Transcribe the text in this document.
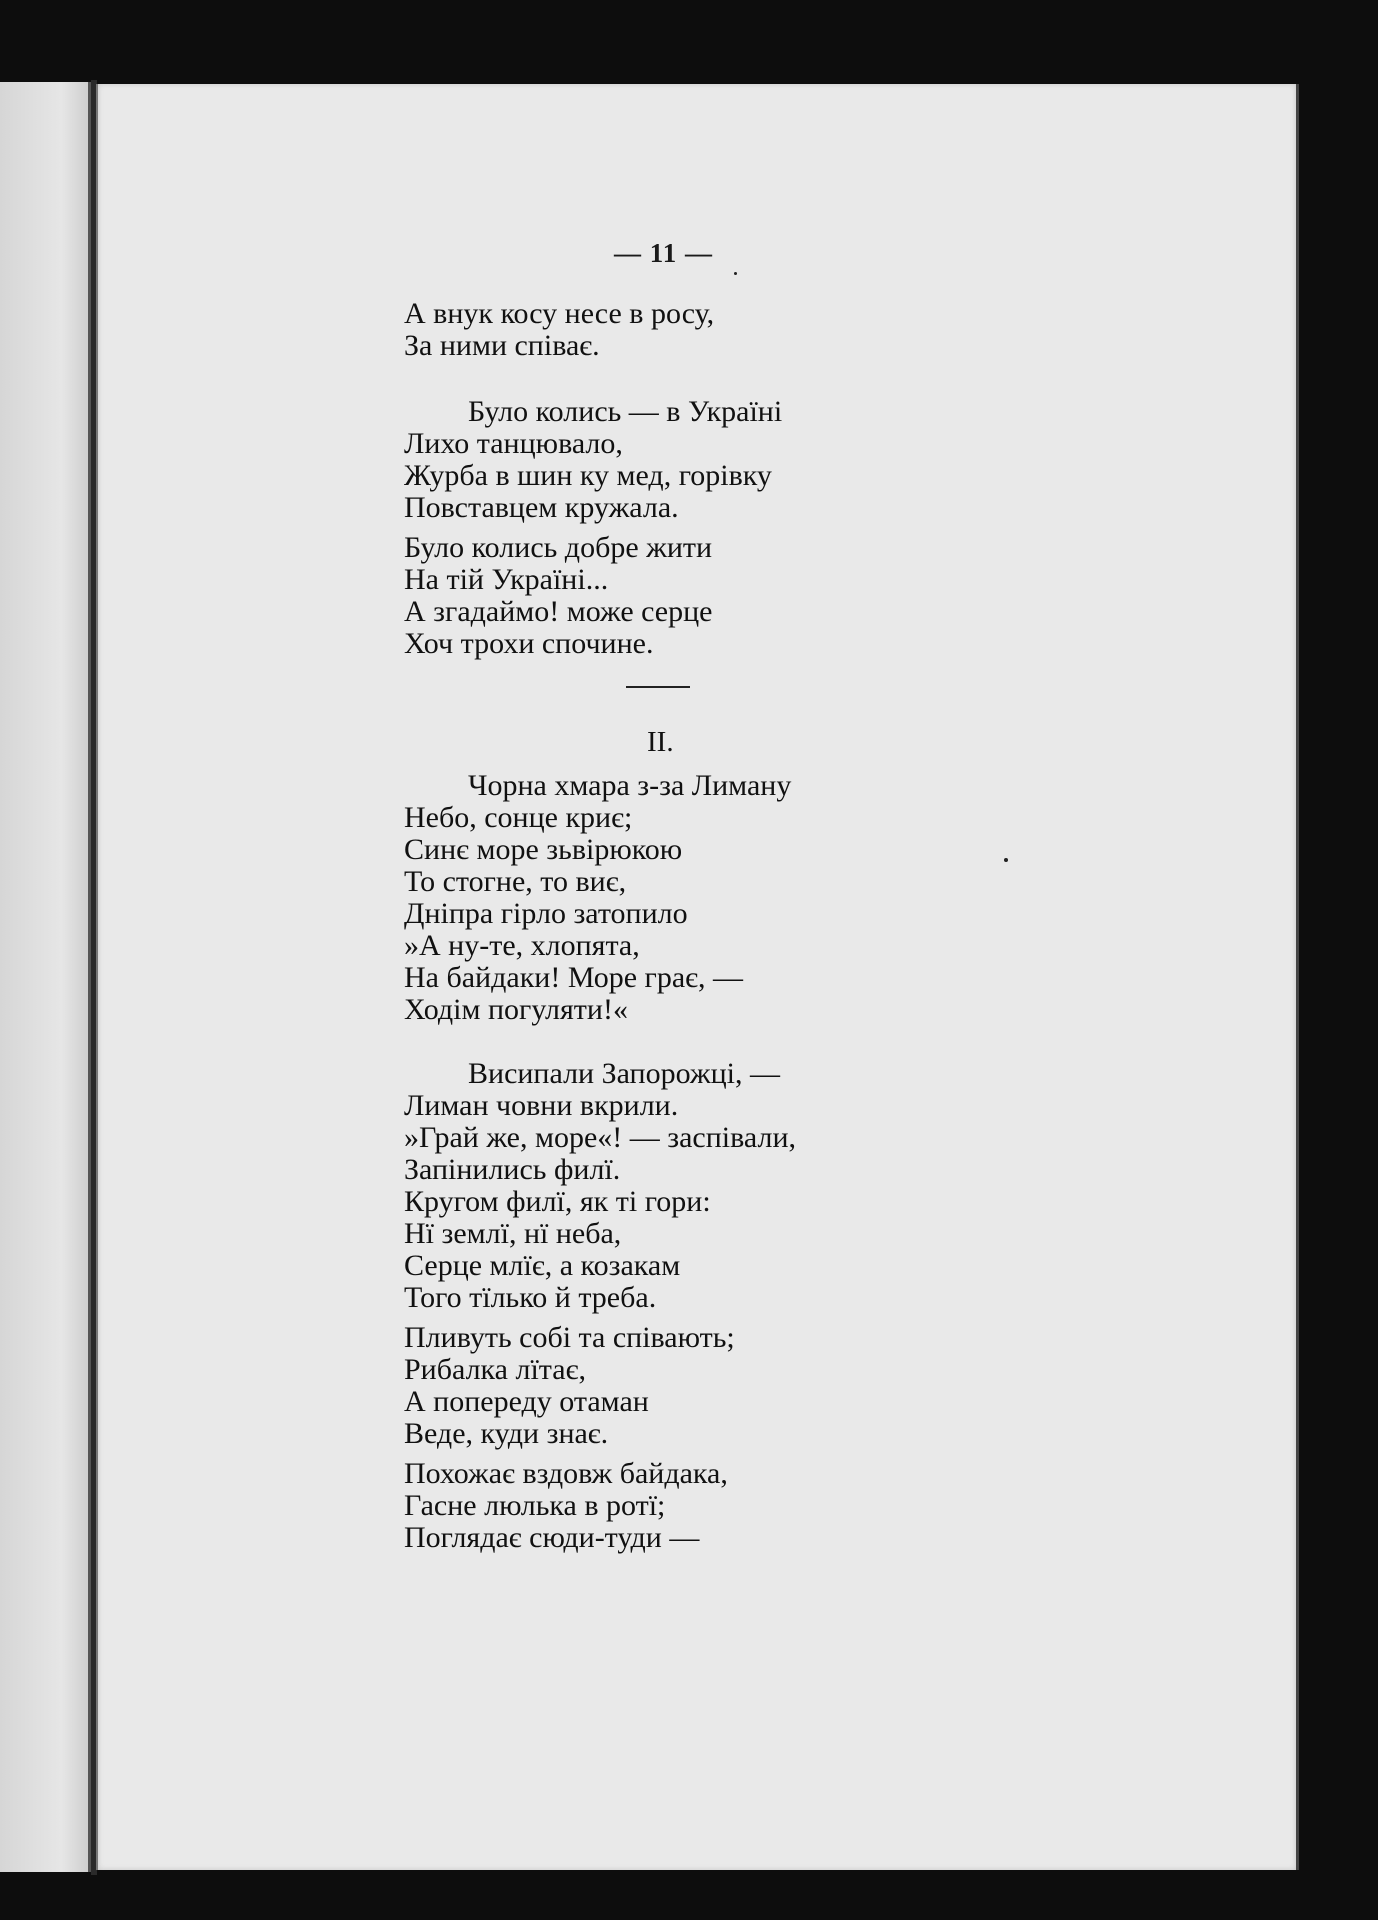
— 11 —

А внук косу несе в росу,

За ними співає.

Було колись — в Україні

Лихо танцювало,

Журба в шин ку мед, горівку

Повставцем кружала.

Було колись добре жити

На тій Україні...

А згадаймо! може серце

Хоч трохи спочине.

II.

Чорна хмара з-за Лиману

Небо, сонце криє;

Синє море зьвірюкою

То стогне, то виє,

Дніпра гірло затопило

»А ну-те, хлопята,

На байдаки! Море грає, —

Ходім погуляти!«

Висипали Запорожці, —

Лиман човни вкрили.

»Грай же, море«! — заспівали,

Запінились филї.

Кругом филї, як ті гори:

Нї землї, нї неба,

Серце млїє, а козакам

Того тїлько й треба.

Пливуть собі та співають;

Рибалка лїтає,

А попереду отаман

Веде, куди знає.

Похожає вздовж байдака,

Гасне люлька в ротї;

Поглядає сюди-туди —
